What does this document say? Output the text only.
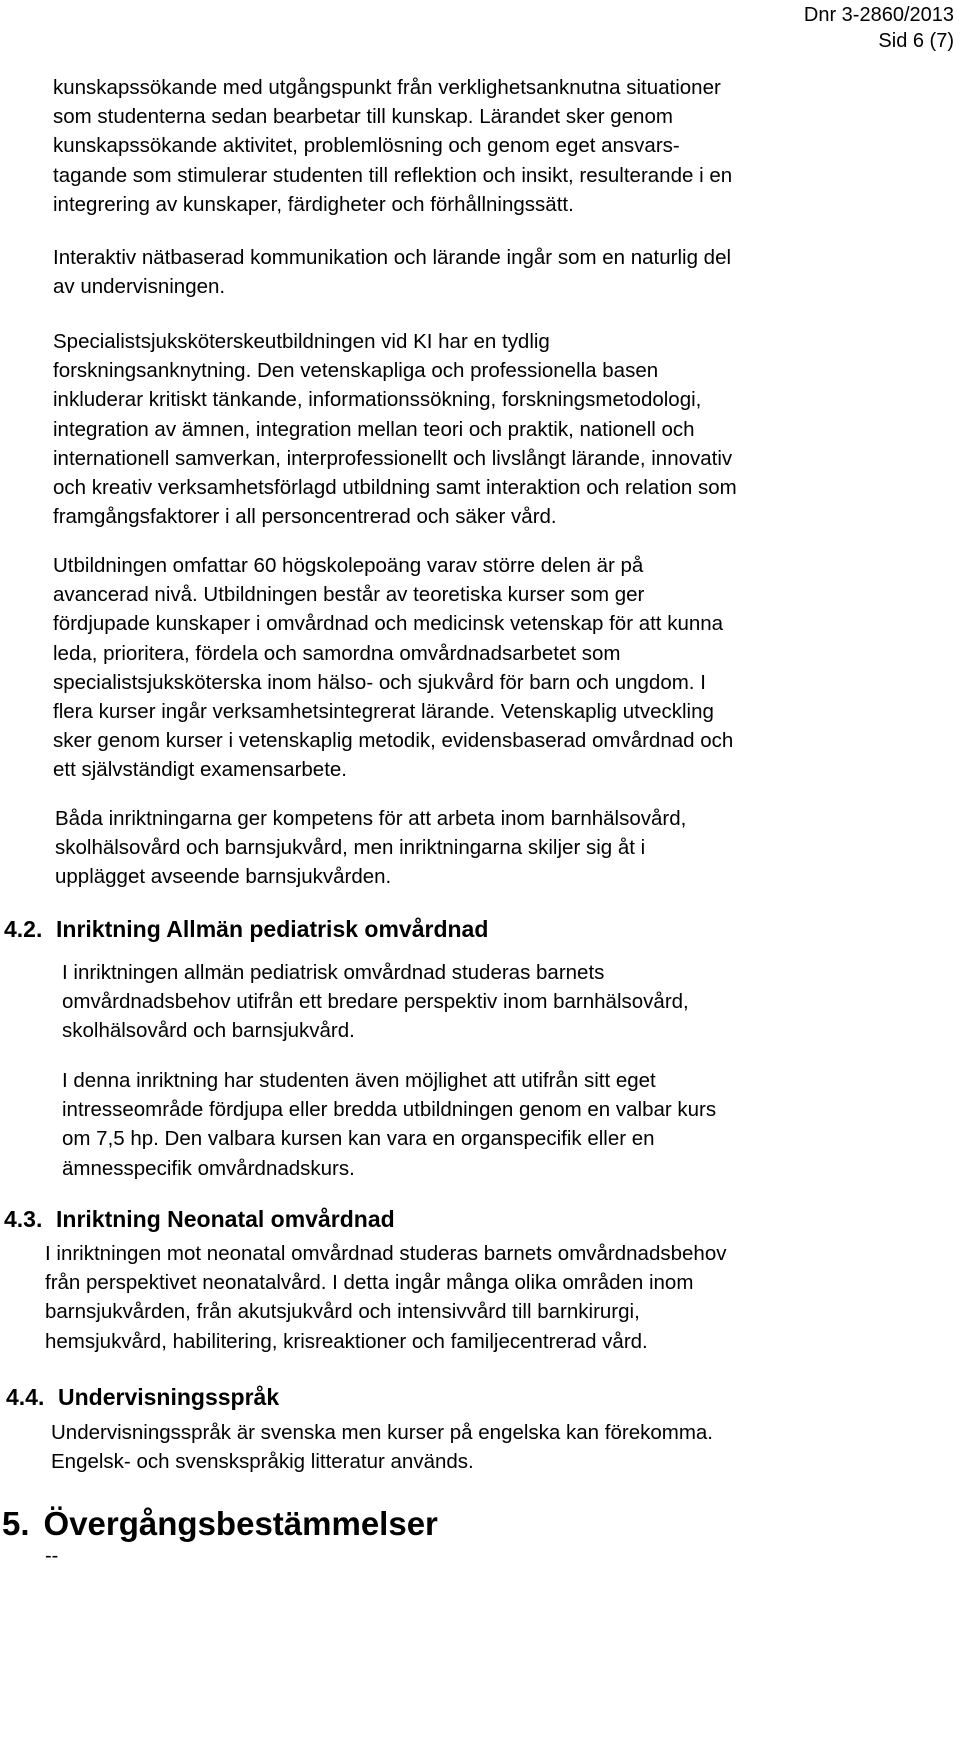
Dnr 3-2860/2013
Sid 6 (7)

kunskapssökande med utgångspunkt från verklighetsanknutna situationer
som studenterna sedan bearbetar till kunskap. Lärandet sker genom
kunskapssökande aktivitet, problemlösning och genom eget ansvars-
tagande som stimulerar studenten till reflektion och insikt, resulterande i en
integrering av kunskaper, färdigheter och förhållningssätt.

Interaktiv nätbaserad kommunikation och lärande ingår som en naturlig del
av undervisningen.

Specialistsjuksköterskeutbildningen vid KI har en tydlig
forskningsanknytning. Den vetenskapliga och professionella basen
inkluderar kritiskt tänkande, informationssökning, forskningsmetodologi,
integration av ämnen, integration mellan teori och praktik, nationell och
internationell samverkan, interprofessionellt och livslångt lärande, innovativ
och kreativ verksamhetsförlagd utbildning samt interaktion och relation som
framgångsfaktorer i all personcentrerad och säker vård.

Utbildningen omfattar 60 högskolepoäng varav större delen är på
avancerad nivå. Utbildningen består av teoretiska kurser som ger
fördjupade kunskaper i omvårdnad och medicinsk vetenskap för att kunna
leda, prioritera, fördela och samordna omvårdnadsarbetet som
specialistsjuksköterska inom hälso- och sjukvård för barn och ungdom. I
flera kurser ingår verksamhetsintegrerat lärande. Vetenskaplig utveckling
sker genom kurser i vetenskaplig metodik, evidensbaserad omvårdnad och
ett självständigt examensarbete.

Båda inriktningarna ger kompetens för att arbeta inom barnhälsovård,
skolhälsovård och barnsjukvård, men inriktningarna skiljer sig åt i
upplägget avseende barnsjukvården.

4.2. Inriktning Allmän pediatrisk omvårdnad

I inriktningen allmän pediatrisk omvårdnad studeras barnets
omvårdnadsbehov utifrån ett bredare perspektiv inom barnhälsovård,
skolhälsovård och barnsjukvård.

I denna inriktning har studenten även möjlighet att utifrån sitt eget
intresseområde fördjupa eller bredda utbildningen genom en valbar kurs
om 7,5 hp. Den valbara kursen kan vara en organspecifik eller en
ämnesspecifik omvårdnadskurs.

4.3. Inriktning Neonatal omvårdnad

I inriktningen mot neonatal omvårdnad studeras barnets omvårdnadsbehov
från perspektivet neonatalvård. I detta ingår många olika områden inom
barnsjukvården, från akutsjukvård och intensivvård till barnkirurgi,
hemsjukvård, habilitering, krisreaktioner och familjecentrerad vård.

4.4. Undervisningsspråk

Undervisningsspråk är svenska men kurser på engelska kan förekomma.
Engelsk- och svenskspråkig litteratur används.

5. Övergångsbestämmelser
--
